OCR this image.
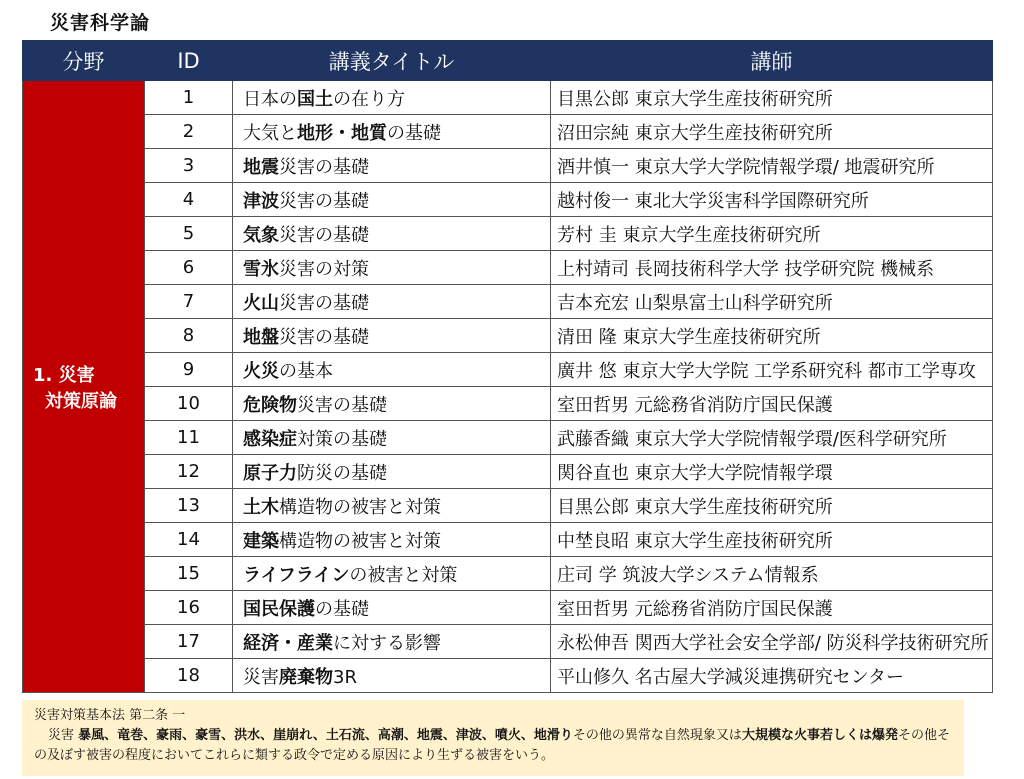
災害科学論
分野	ID	講義タイトル	講師

1. 災害
対策原論	1	日本の国土の在り方	目黒公郎 東京大学生産技術研究所
	2	大気と地形・地質の基礎	沼田宗純 東京大学生産技術研究所
	3	地震災害の基礎	酒井慎一 東京大学大学院情報学環/ 地震研究所
	4	津波災害の基礎	越村俊一 東北大学災害科学国際研究所
	5	気象災害の基礎	芳村 圭 東京大学生産技術研究所
	6	雪氷災害の対策	上村靖司 長岡技術科学大学 技学研究院 機械系
	7	火山災害の基礎	吉本充宏 山梨県富士山科学研究所
	8	地盤災害の基礎	清田 隆 東京大学生産技術研究所
	9	火災の基本	廣井 悠 東京大学大学院 工学系研究科 都市工学専攻
	10	危険物災害の基礎	室田哲男 元総務省消防庁国民保護
	11	感染症対策の基礎	武藤香織 東京大学大学院情報学環/医科学研究所
	12	原子力防災の基礎	関谷直也 東京大学大学院情報学環
	13	土木構造物の被害と対策	目黒公郎 東京大学生産技術研究所
	14	建築構造物の被害と対策	中埜良昭 東京大学生産技術研究所
	15	ライフラインの被害と対策	庄司 学 筑波大学システム情報系
	16	国民保護の基礎	室田哲男 元総務省消防庁国民保護
	17	経済・産業に対する影響	永松伸吾 関西大学社会安全学部/ 防災科学技術研究所
	18	災害廃棄物3R	平山修久 名古屋大学減災連携研究センター
災害対策基本法 第二条 一
災害 暴風、竜巻、豪雨、豪雪、洪水、崖崩れ、土石流、高潮、地震、津波、噴火、地滑りその他の異常な自然現象又は大規模な火事若しくは爆発その他その及ぼす被害の程度においてこれらに類する政令で定める原因により生ずる被害をいう。
